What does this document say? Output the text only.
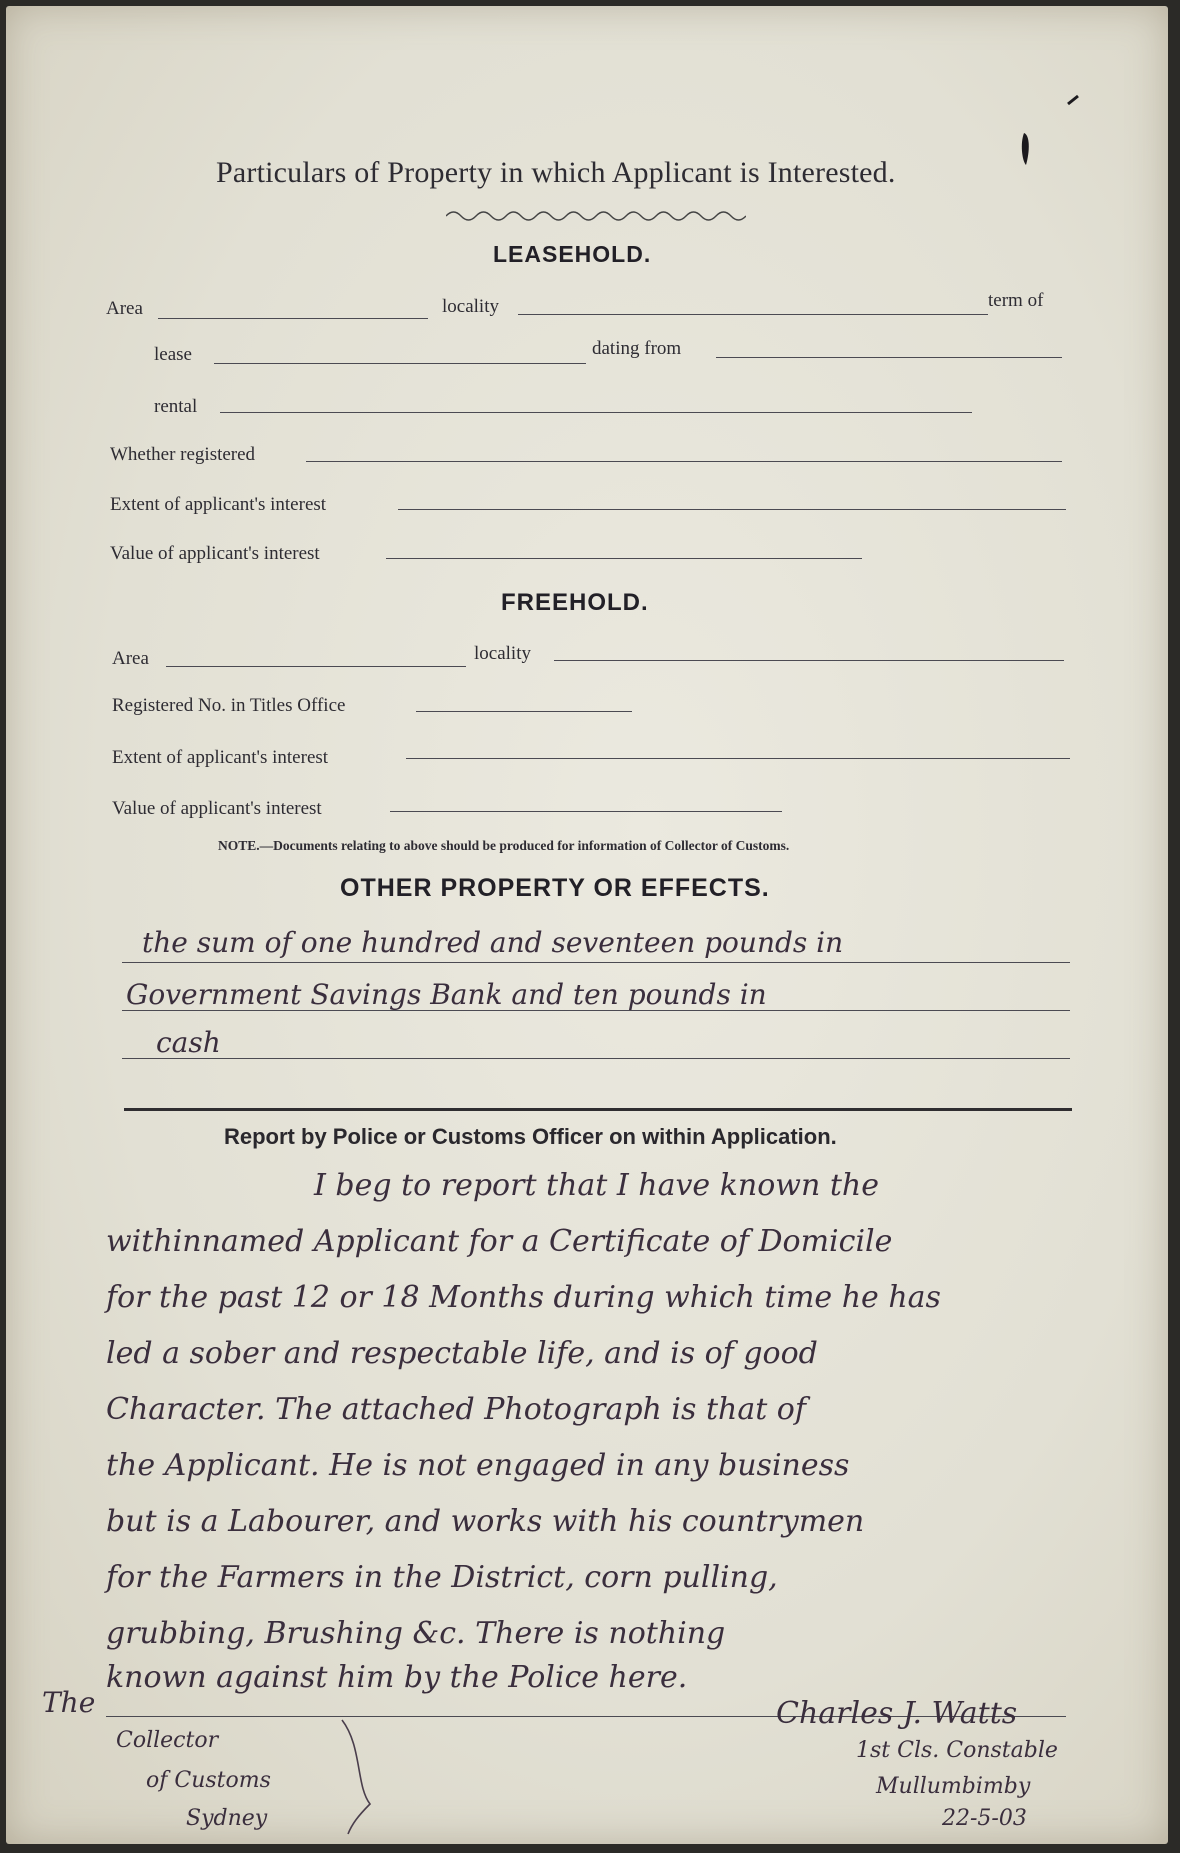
Particulars of Property in which Applicant is Interested.
LEASEHOLD.
Area	locality	term of
lease	dating from
rental
Whether registered
Extent of applicant's interest
Value of applicant's interest
FREEHOLD.
Area	locality
Registered No. in Titles Office
Extent of applicant's interest
Value of applicant's interest
NOTE.—Documents relating to above should be produced for information of Collector of Customs.
OTHER PROPERTY OR EFFECTS.
the sum of one hundred and seventeen pounds in
Government Savings Bank and ten pounds in
cash
Report by Police or Customs Officer on within Application.
I beg to report that I have known the
withinnamed Applicant for a Certificate of Domicile
for the past 12 or 18 Months during which time he has
led a sober and respectable life, and is of good
Character. The attached Photograph is that of
the Applicant. He is not engaged in any business
but is a Labourer, and works with his countrymen
for the Farmers in the District, corn pulling,
grubbing, Brushing &c. There is nothing
known against him by the Police here.
Charles J. Watts
1st Cls. Constable
Mullumbimby
22-5-03
The
Collector
of Customs
Sydney
